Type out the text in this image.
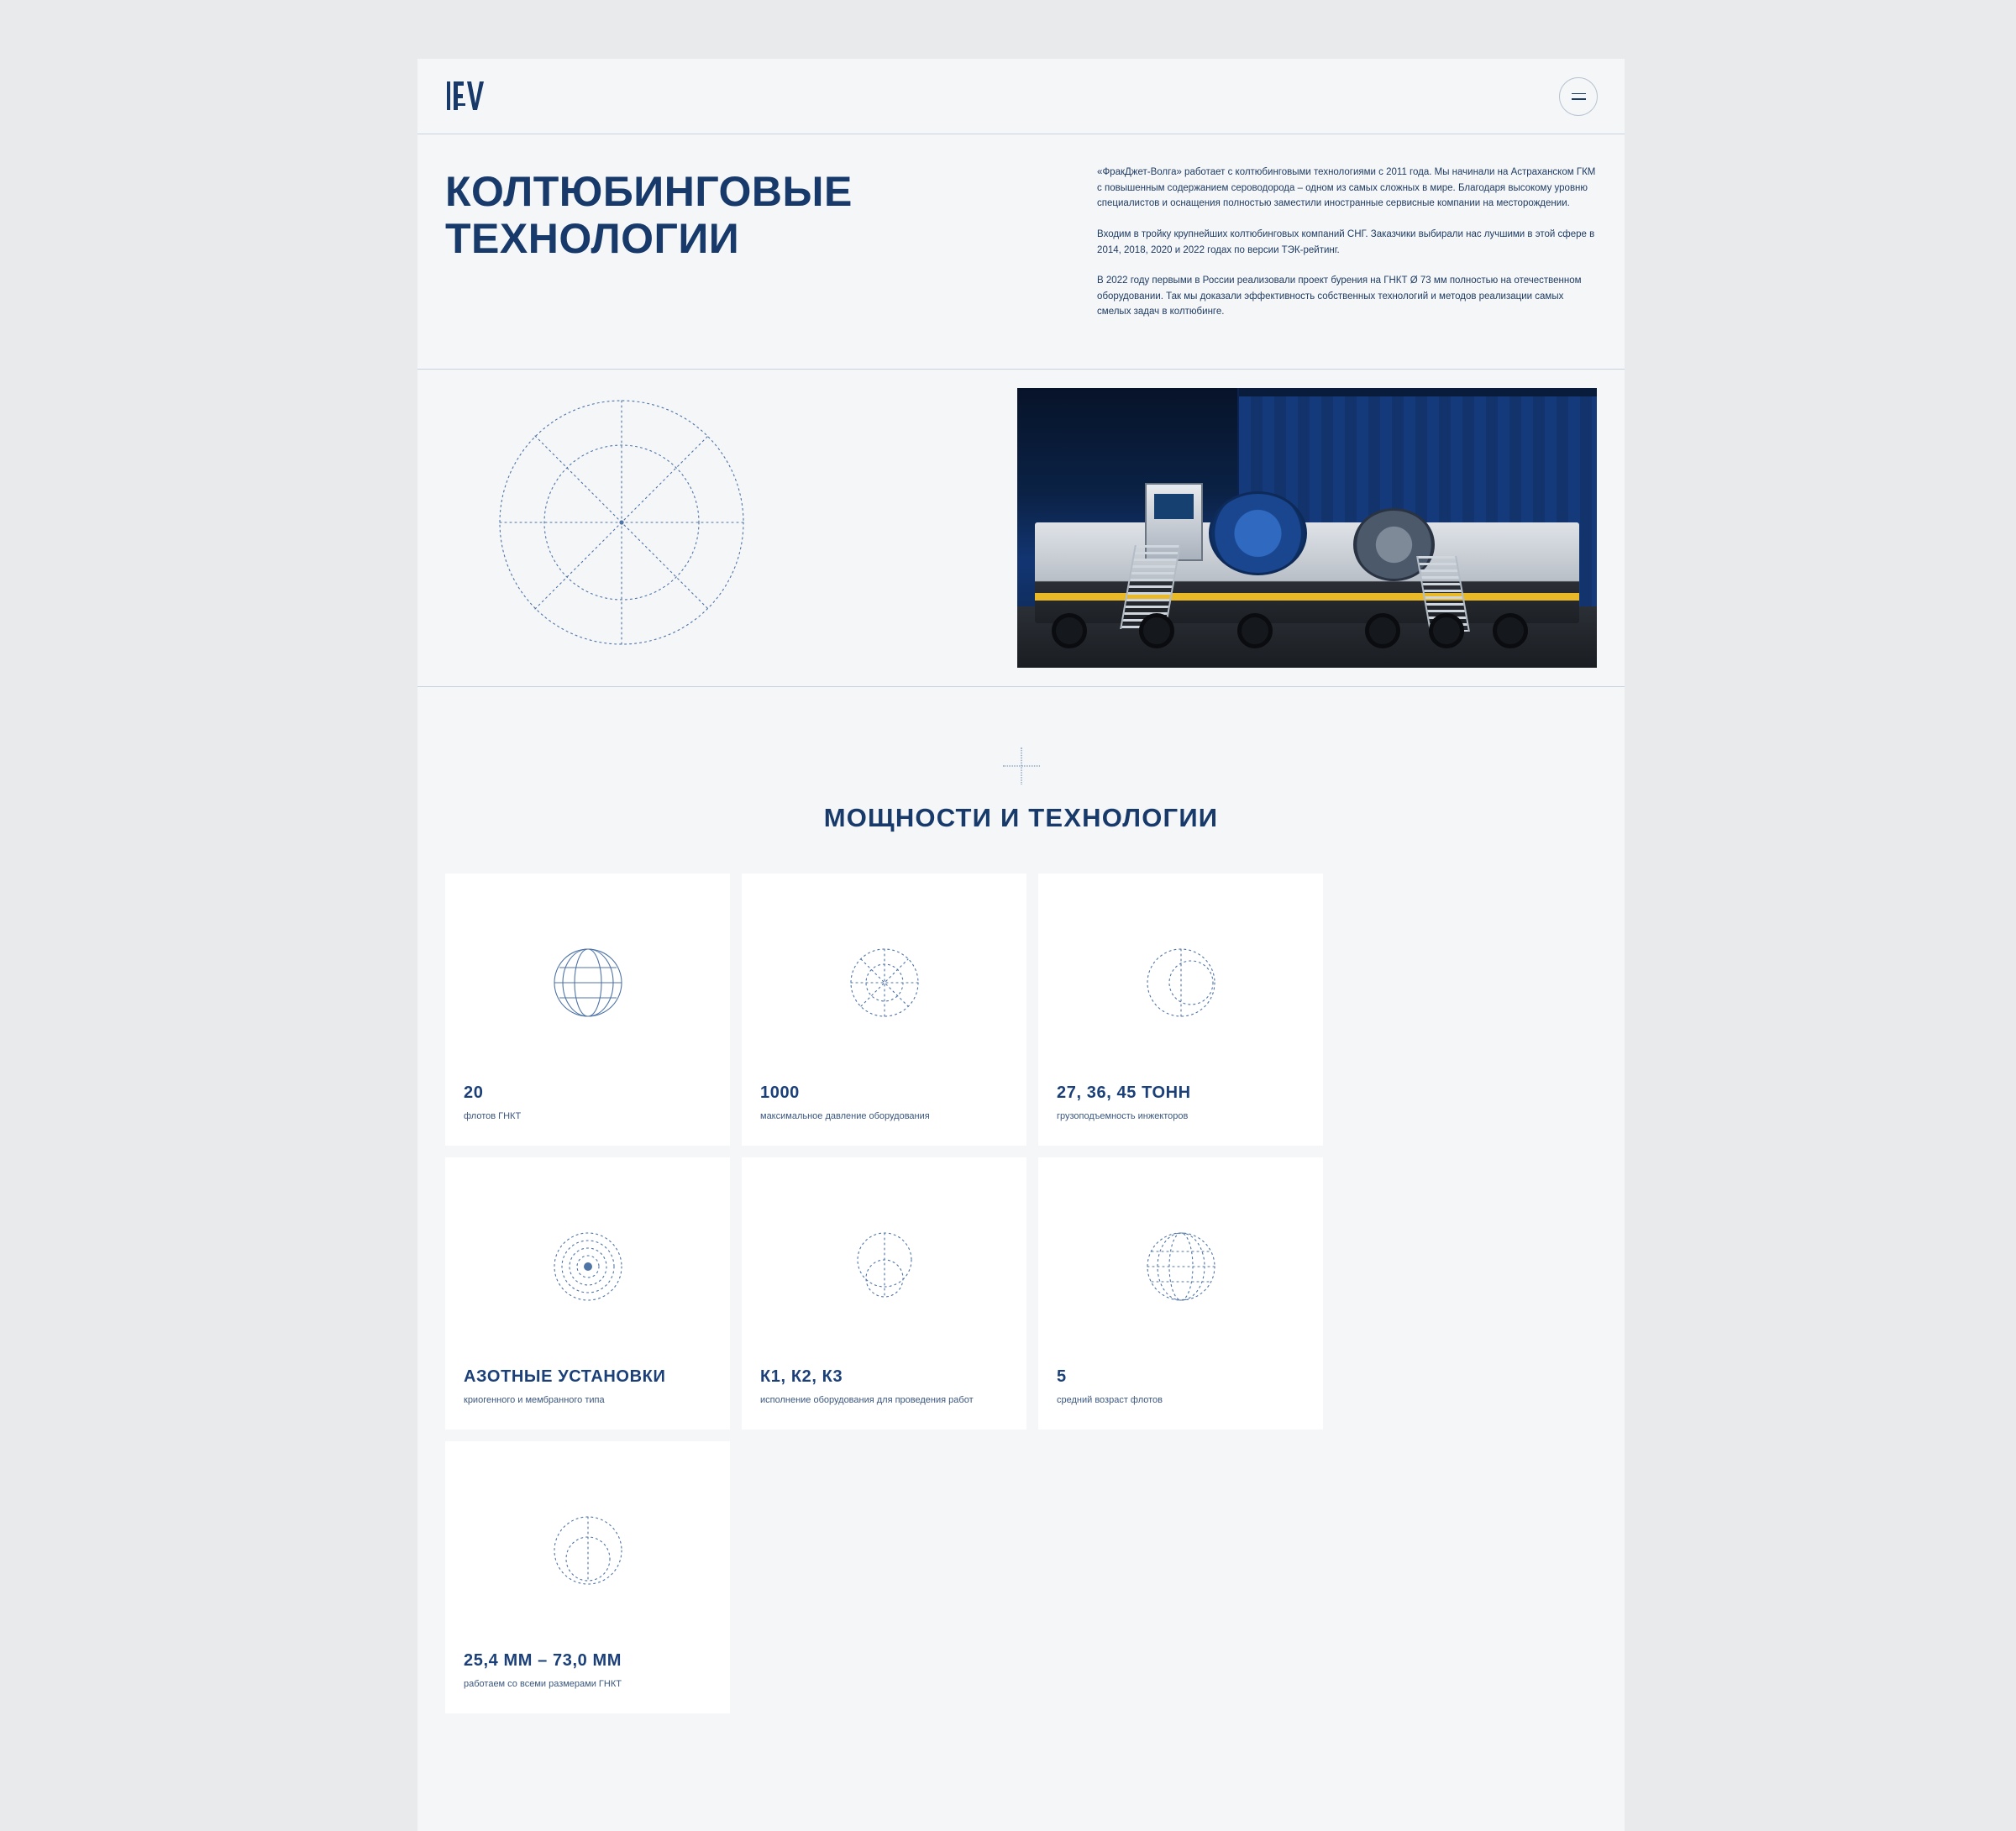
КОЛТЮБИНГОВЫЕ ТЕХНОЛОГИИ

«ФракДжет-Волга» работает с колтюбинговыми технологиями с 2011 года. Мы начинали на Астраханском ГКМ с повышенным содержанием сероводорода – одном из самых сложных в мире. Благодаря высокому уровню специалистов и оснащения полностью заместили иностранные сервисные компании на месторождении.

Входим в тройку крупнейших колтюбинговых компаний СНГ. Заказчики выбирали нас лучшими в этой сфере в 2014, 2018, 2020 и 2022 годах по версии ТЭК-рейтинг.

В 2022 году первыми в России реализовали проект бурения на ГНКТ Ø 73 мм полностью на отечественном оборудовании. Так мы доказали эффективность собственных технологий и методов реализации самых смелых задач в колтюбинге.

МОЩНОСТИ И ТЕХНОЛОГИИ
20
флотов ГНКТ
1000
максимальное давление оборудования
27, 36, 45 ТОНН
грузоподъемность инжекторов
АЗОТНЫЕ УСТАНОВКИ
криогенного и мембранного типа
К1, К2, К3
исполнение оборудования для проведения работ
5
средний возраст флотов
25,4 ММ – 73,0 ММ
работаем со всеми размерами ГНКТ
